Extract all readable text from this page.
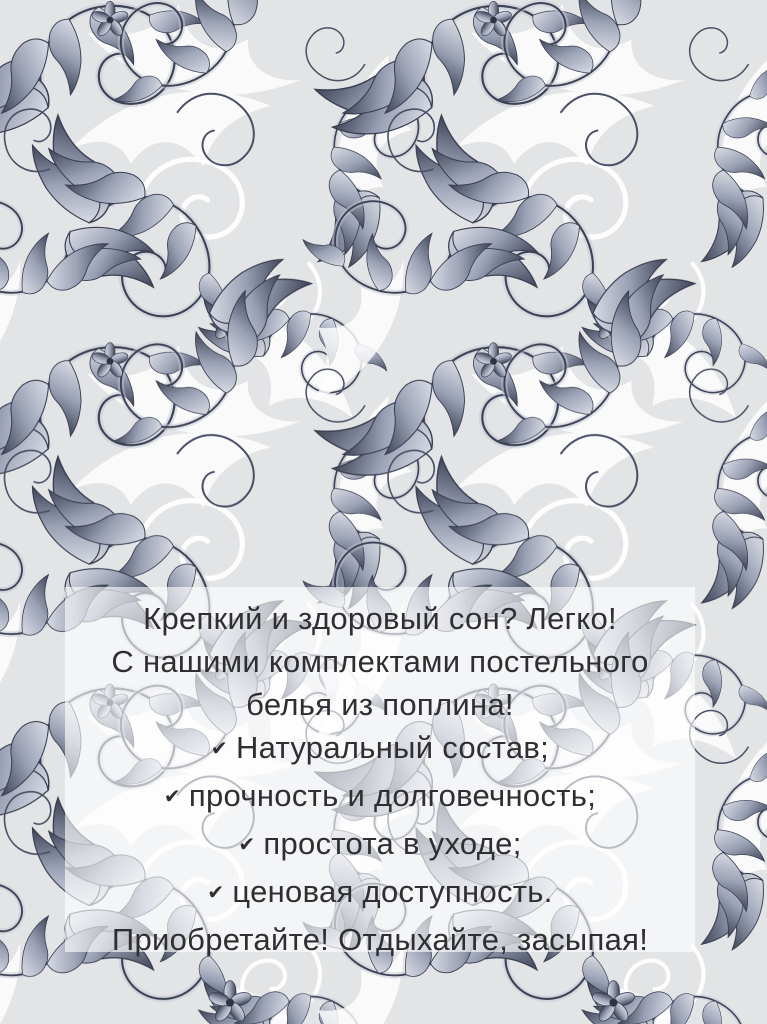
Крепкий и здоровый сон? Легко!
С нашими комплектами постельного
белья из поплина!
✔ Натуральный состав;
✔ прочность и долговечность;
✔ простота в уходе;
✔ ценовая доступность.
Приобретайте! Отдыхайте, засыпая!
